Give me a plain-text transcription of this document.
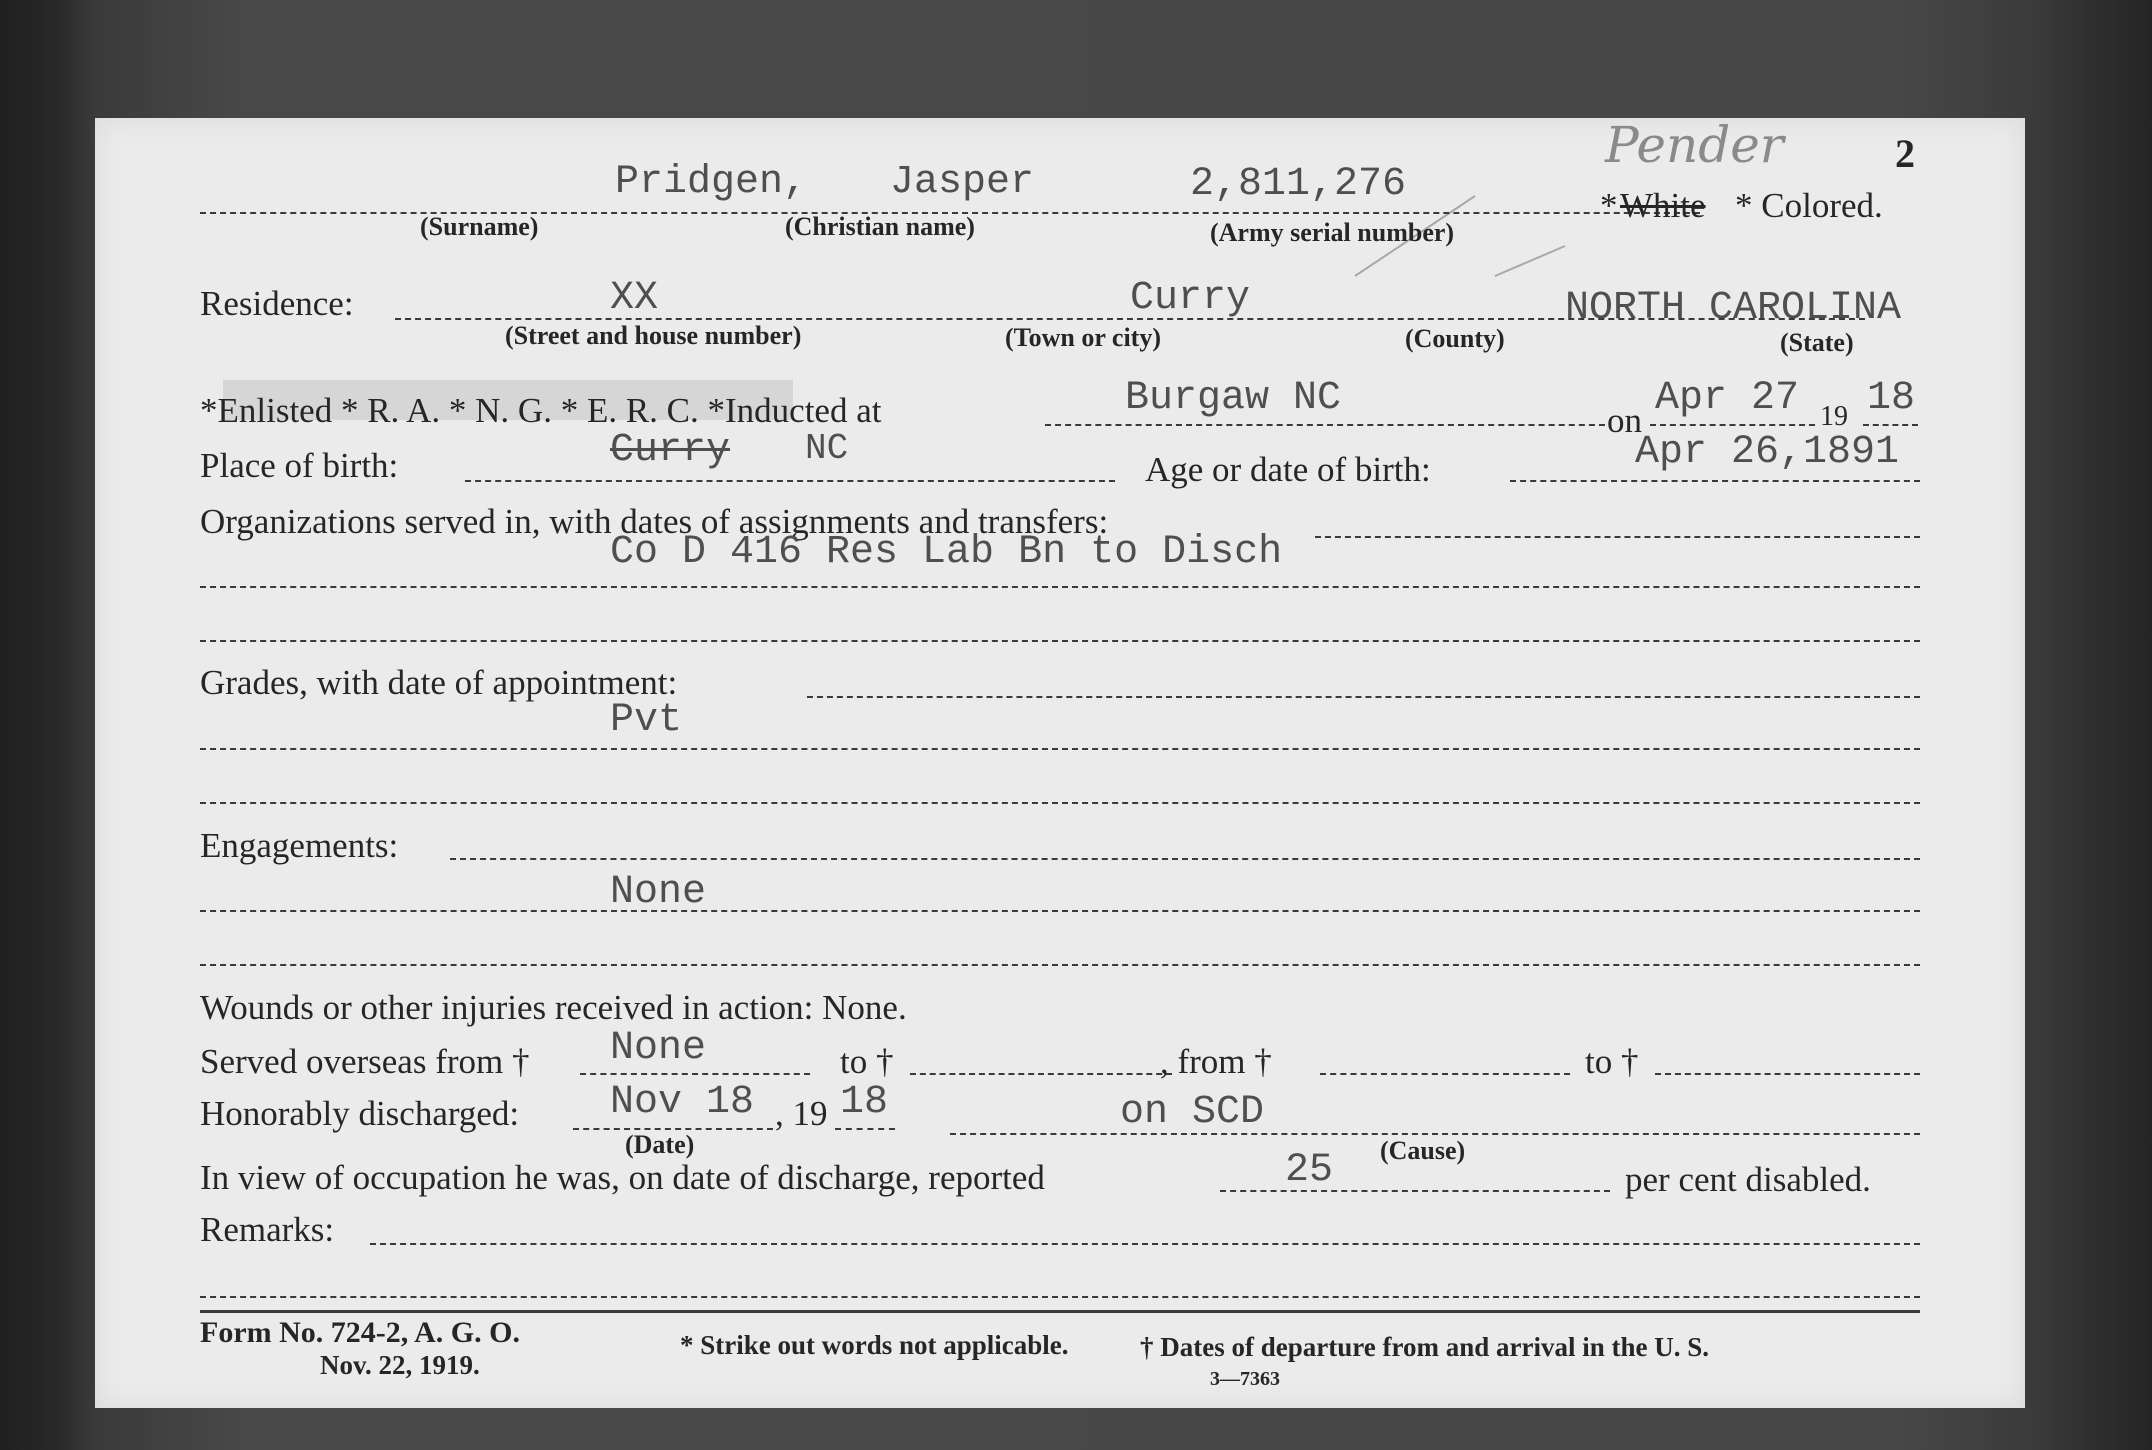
Pender	2
Pridgen, Jasper	2,811,276	* White * Colored.
(Surname)	(Christian name)	(Army serial number)
Residence:	XX	Curry	NORTH CAROLINA
(Street and house number)	(Town or city)	(County)	(State)
*Enlisted * R. A. * N. G. * E. R. C. *Inducted at	Burgaw NC	on Apr 27 19 18
Place of birth:	Curry NC
Age or date of birth:	Apr 26,1891
Organizations served in, with dates of assignments and transfers:
Co D 416 Res Lab Bn to Disch
Grades, with date of appointment:
Pvt
Engagements:
None
Wounds or other injuries received in action: None.
Served overseas from † None	to †	, from †	to †
Honorably discharged: Nov 18 , 19 18	on SCD
(Date)	(Cause)
In view of occupation he was, on date of discharge, reported	25	per cent disabled.
Remarks:
Form No. 724-2, A. G. O.
Nov. 22, 1919.
* Strike out words not applicable.	† Dates of departure from and arrival in the U. S.
3—7363
